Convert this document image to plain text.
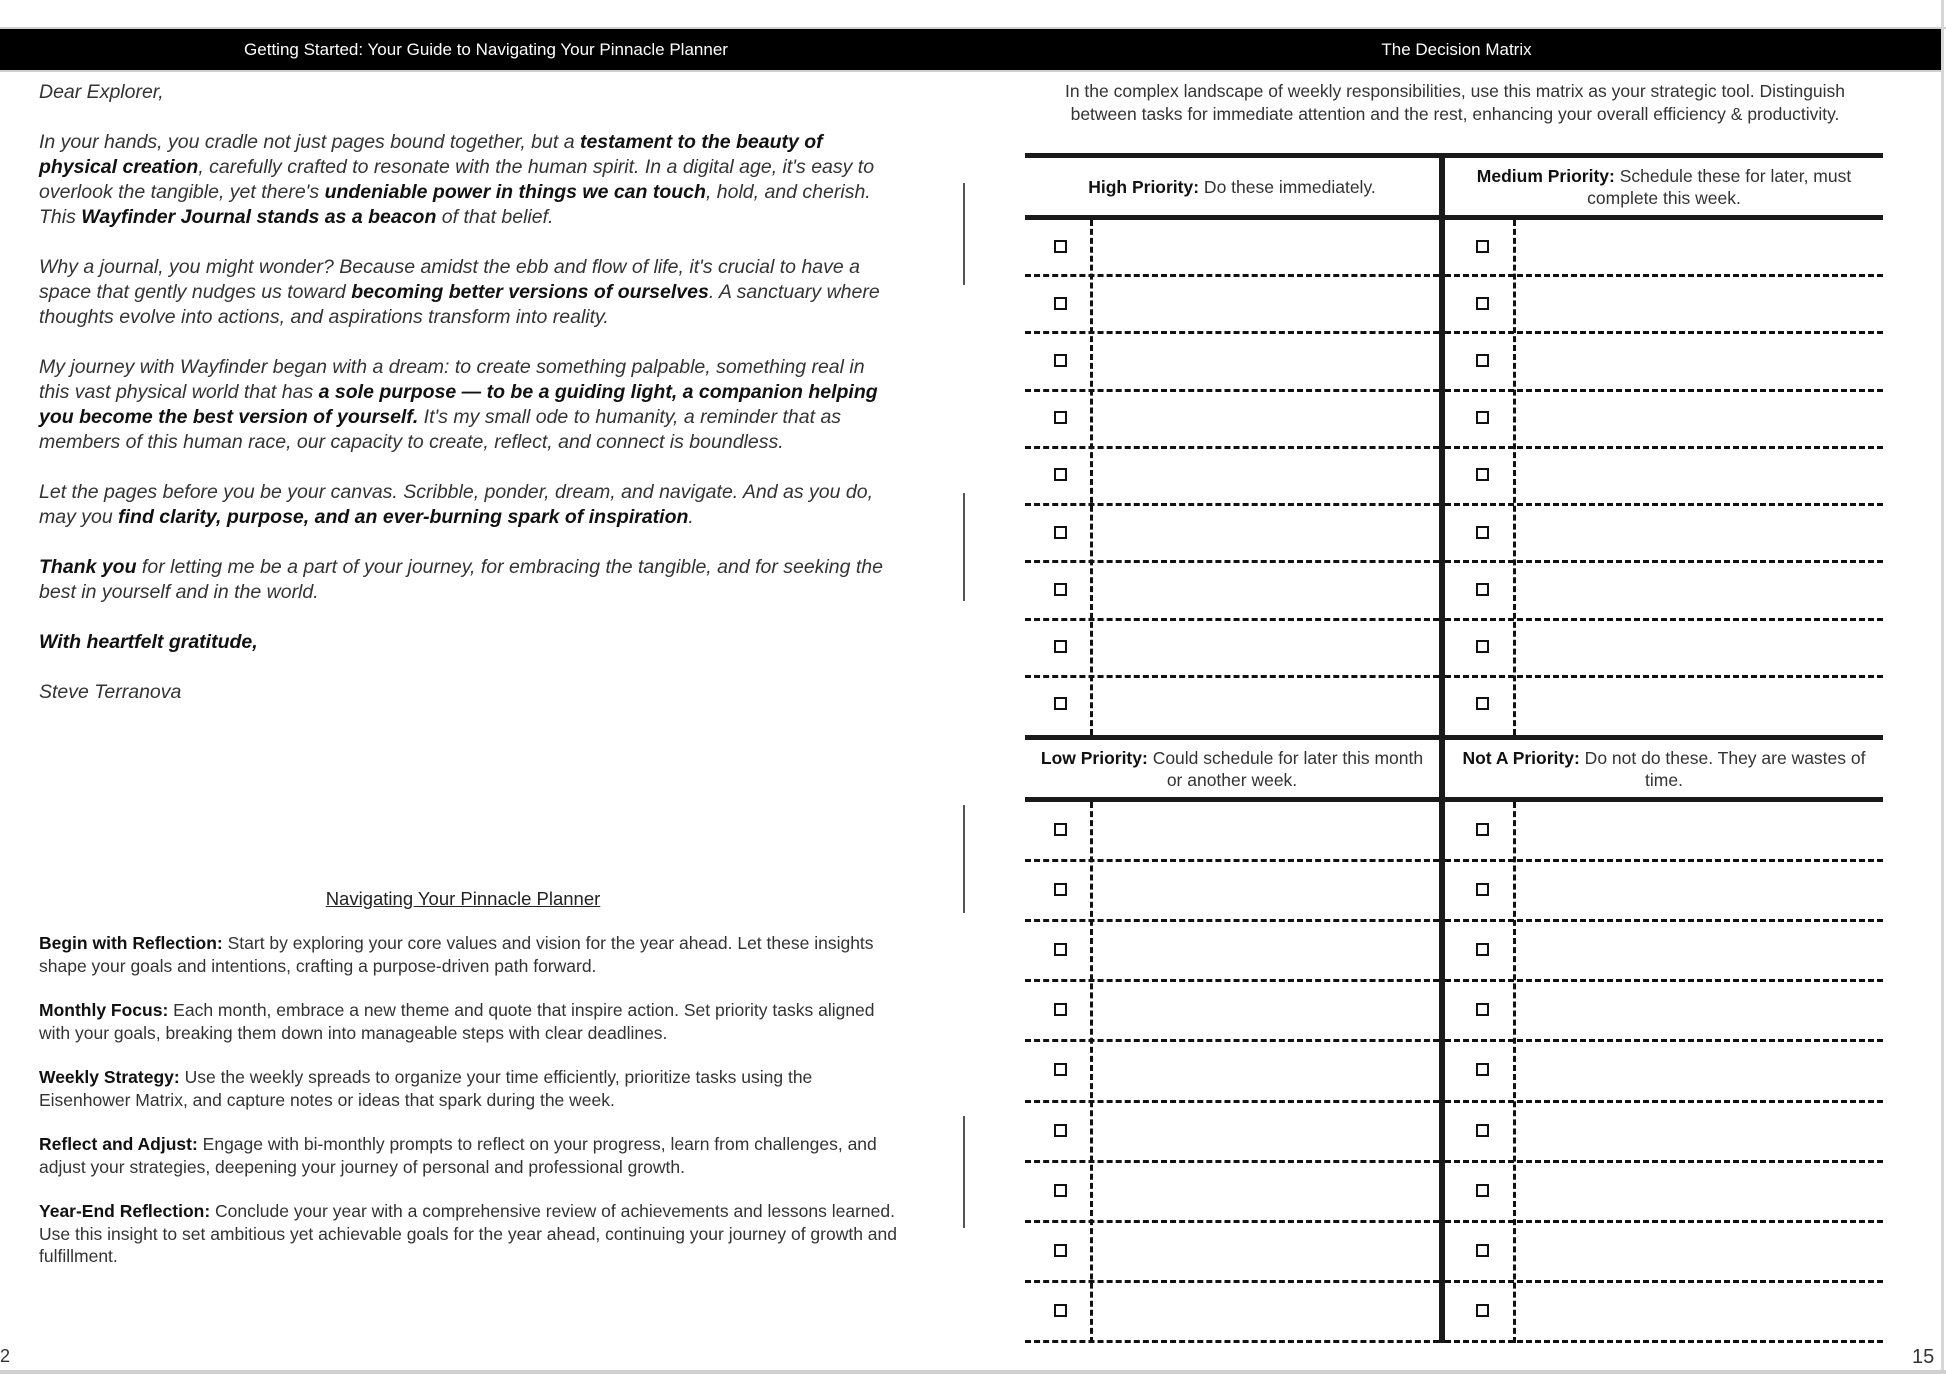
Getting Started: Your Guide to Navigating Your Pinnacle Planner	The Decision Matrix

Dear Explorer,

In your hands, you cradle not just pages bound together, but a testament to the beauty of physical creation, carefully crafted to resonate with the human spirit. In a digital age, it's easy to overlook the tangible, yet there's undeniable power in things we can touch, hold, and cherish. This Wayfinder Journal stands as a beacon of that belief.

Why a journal, you might wonder? Because amidst the ebb and flow of life, it's crucial to have a space that gently nudges us toward becoming better versions of ourselves. A sanctuary where thoughts evolve into actions, and aspirations transform into reality.

My journey with Wayfinder began with a dream: to create something palpable, something real in this vast physical world that has a sole purpose — to be a guiding light, a companion helping you become the best version of yourself. It's my small ode to humanity, a reminder that as members of this human race, our capacity to create, reflect, and connect is boundless.

Let the pages before you be your canvas. Scribble, ponder, dream, and navigate. And as you do, may you find clarity, purpose, and an ever-burning spark of inspiration.

Thank you for letting me be a part of your journey, for embracing the tangible, and for seeking the best in yourself and in the world.

With heartfelt gratitude,

Steve Terranova

Navigating Your Pinnacle Planner
Begin with Reflection: Start by exploring your core values and vision for the year ahead. Let these insights shape your goals and intentions, crafting a purpose-driven path forward.
Monthly Focus: Each month, embrace a new theme and quote that inspire action. Set priority tasks aligned with your goals, breaking them down into manageable steps with clear deadlines.
Weekly Strategy: Use the weekly spreads to organize your time efficiently, prioritize tasks using the Eisenhower Matrix, and capture notes or ideas that spark during the week.
Reflect and Adjust: Engage with bi-monthly prompts to reflect on your progress, learn from challenges, and adjust your strategies, deepening your journey of personal and professional growth.
Year-End Reflection: Conclude your year with a comprehensive review of achievements and lessons learned. Use this insight to set ambitious yet achievable goals for the year ahead, continuing your journey of growth and fulfillment.
2
In the complex landscape of weekly responsibilities, use this matrix as your strategic tool. Distinguish between tasks for immediate attention and the rest, enhancing your overall efficiency & productivity.
High Priority: Do these immediately.
Medium Priority: Schedule these for later, must complete this week.
Low Priority: Could schedule for later this month or another week.
Not A Priority: Do not do these. They are wastes of time.
15
